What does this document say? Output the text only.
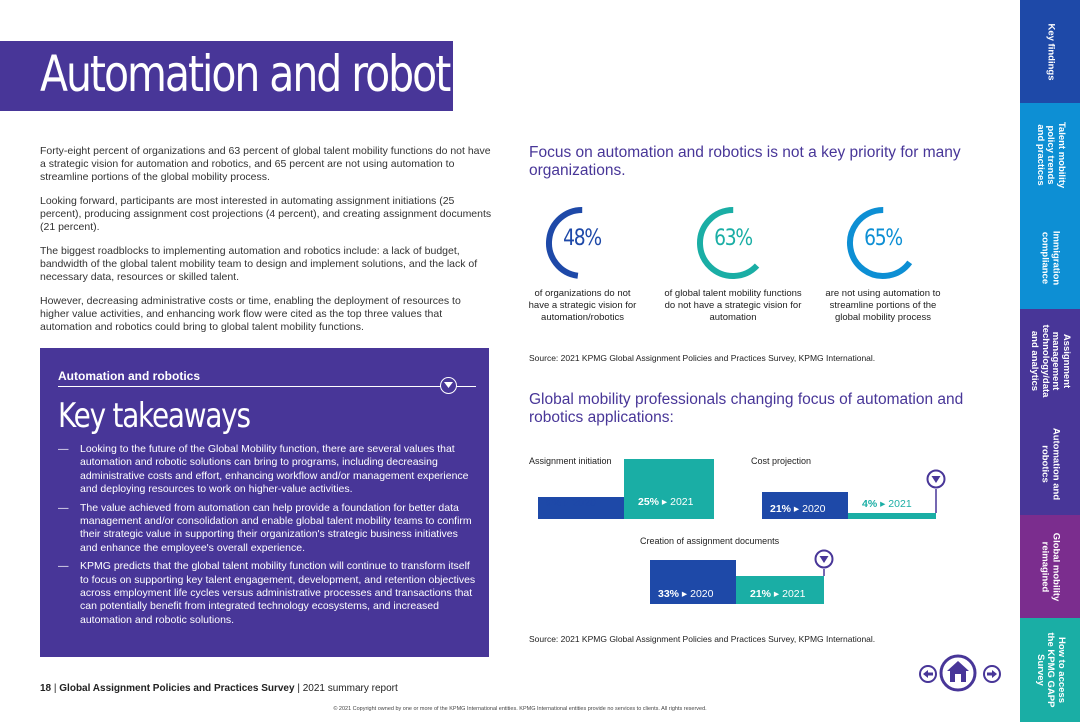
Automation and robotics

Forty-eight percent of organizations and 63 percent of global talent mobility functions do not have a strategic vision for automation and robotics, and 65 percent are not using automation to streamline portions of the global mobility process.

Looking forward, participants are most interested in automating assignment initiations (25 percent), producing assignment cost projections (4 percent), and creating assignment documents (21 percent).

The biggest roadblocks to implementing automation and robotics include: a lack of budget, bandwidth of the global talent mobility team to design and implement solutions, and the lack of necessary data, resources or skilled talent.

However, decreasing administrative costs or time, enabling the deployment of resources to higher value activities, and enhancing work flow were cited as the top three values that automation and robotics could bring to global talent mobility functions.

Automation and robotics
Key takeaways
— Looking to the future of the Global Mobility function, there are several values that automation and robotic solutions can bring to programs, including decreasing administrative costs and effort, enhancing workflow and/or management experience and deploying resources to work on higher-value activities.
— The value achieved from automation can help provide a foundation for better data management and/or consolidation and enable global talent mobility teams to confirm their strategic value in supporting their organization's strategic business initiatives and enhance the employee's overall experience.
— KPMG predicts that the global talent mobility function will continue to transform itself to focus on supporting key talent engagement, development, and retention objectives across employment life cycles versus administrative processes and transactions that can potentially benefit from integrated technology ecosystems, and increased automation and robotic solutions.
18 | Global Assignment Policies and Practices Survey | 2021 summary report
© 2021 Copyright owned by one or more of the KPMG International entities. KPMG International entities provide no services to clients. All rights reserved.
Focus on automation and robotics is not a key priority for many organizations.
48%
of organizations do not have a strategic vision for automation/robotics
63%
of global talent mobility functions do not have a strategic vision for automation
65%
are not using automation to streamline portions of the global mobility process
Source: 2021 KPMG Global Assignment Policies and Practices Survey, KPMG International.
Global mobility professionals changing focus of automation and robotics applications:
Assignment initiation	Cost projection
Creation of assignment documents
9% ▸ 2020	25% ▸ 2021
21% ▸ 2020	4% ▸ 2021
33% ▸ 2020	21% ▸ 2021
Source: 2021 KPMG Global Assignment Policies and Practices Survey, KPMG International.
Key findings
Talent mobility
policy trends
and practices
Immigration
compliance
Assignment
management
technology/data
and analytics
Automation and
robotics
Global mobility
reimagined
How to access
the KPMG GAPP
Survey
